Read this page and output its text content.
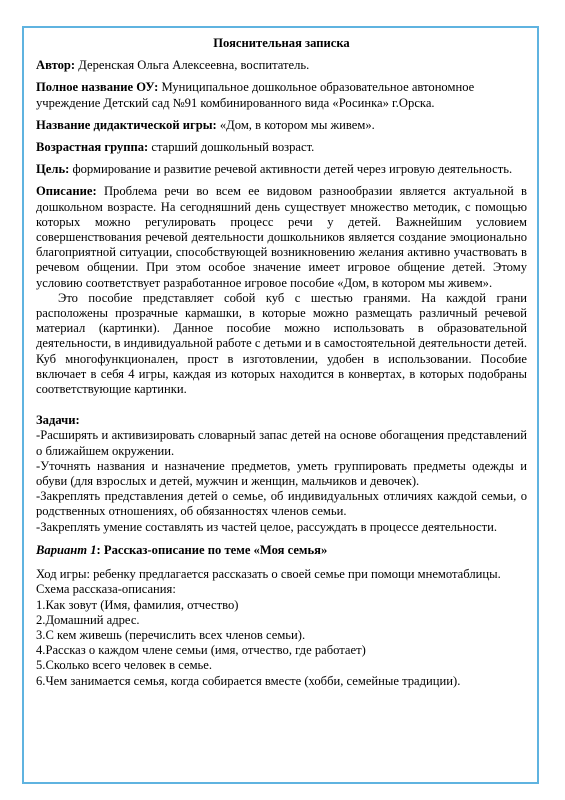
Пояснительная записка

Автор: Деренская Ольга Алексеевна, воспитатель.

Полное название ОУ: Муниципальное дошкольное образовательное автономное учреждение Детский сад №91 комбинированного вида «Росинка» г.Орска.

Название дидактической игры: «Дом, в котором мы живем».

Возрастная группа: старший дошкольный возраст.

Цель: формирование и развитие речевой активности детей через игровую деятельность.

Описание: Проблема речи во всем ее видовом разнообразии является актуальной в дошкольном возрасте. На сегодняшний день существует множество методик, с помощью которых можно регулировать процесс речи у детей. Важнейшим условием совершенствования речевой деятельности дошкольников является создание эмоционально благоприятной ситуации, способствующей возникновению желания активно участвовать в речевом общении. При этом особое значение имеет игровое общение детей. Этому условию соответствует разработанное игровое пособие «Дом, в котором мы живем».

Это пособие представляет собой куб с шестью гранями. На каждой грани расположены прозрачные кармашки, в которые можно размещать различный речевой материал (картинки). Данное пособие можно использовать в образовательной деятельности, в индивидуальной работе с детьми и в самостоятельной деятельности детей. Куб многофункционален, прост в изготовлении, удобен в использовании. Пособие включает в себя 4 игры, каждая из которых находится в конвертах, в которых подобраны соответствующие картинки.

Задачи:
-Расширять и активизировать словарный запас детей на основе обогащения представлений о ближайшем окружении.
-Уточнять названия и назначение предметов, уметь группировать предметы одежды и обуви (для взрослых и детей, мужчин и женщин, мальчиков и девочек).
-Закреплять представления детей о семье, об индивидуальных отличиях каждой семьи, о родственных отношениях, об обязанностях членов семьи.
-Закреплять умение составлять из частей целое, рассуждать в процессе деятельности.
Вариант 1: Рассказ-описание по теме «Моя семья»
Ход игры: ребенку предлагается рассказать о своей семье при помощи мнемотаблицы.
Схема рассказа-описания:
1.Как зовут (Имя, фамилия, отчество)
2.Домашний адрес.
3.С кем живешь (перечислить всех членов семьи).
4.Рассказ о каждом члене семьи (имя, отчество, где работает)
5.Сколько всего человек в семье.
6.Чем занимается семья, когда собирается вместе (хобби, семейные традиции).
